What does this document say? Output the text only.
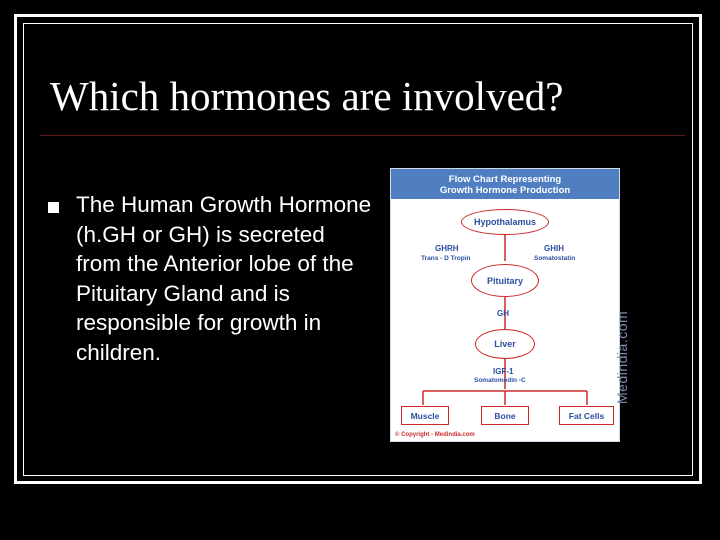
Which hormones are involved?
The Human Growth Hormone (h.GH or GH) is secreted from the Anterior lobe of the Pituitary Gland and is responsible for growth in children.
Flow Chart Representing
Growth Hormone Production
Hypothalamus
GHRH
Trans - D Tropin
GHIH
Somatostatin
Pituitary
GH
Liver
IGF-1
Somatomedin -C
Muscle	Bone	Fat Cells
© Copyright - Medindia.com
Medindia.com
